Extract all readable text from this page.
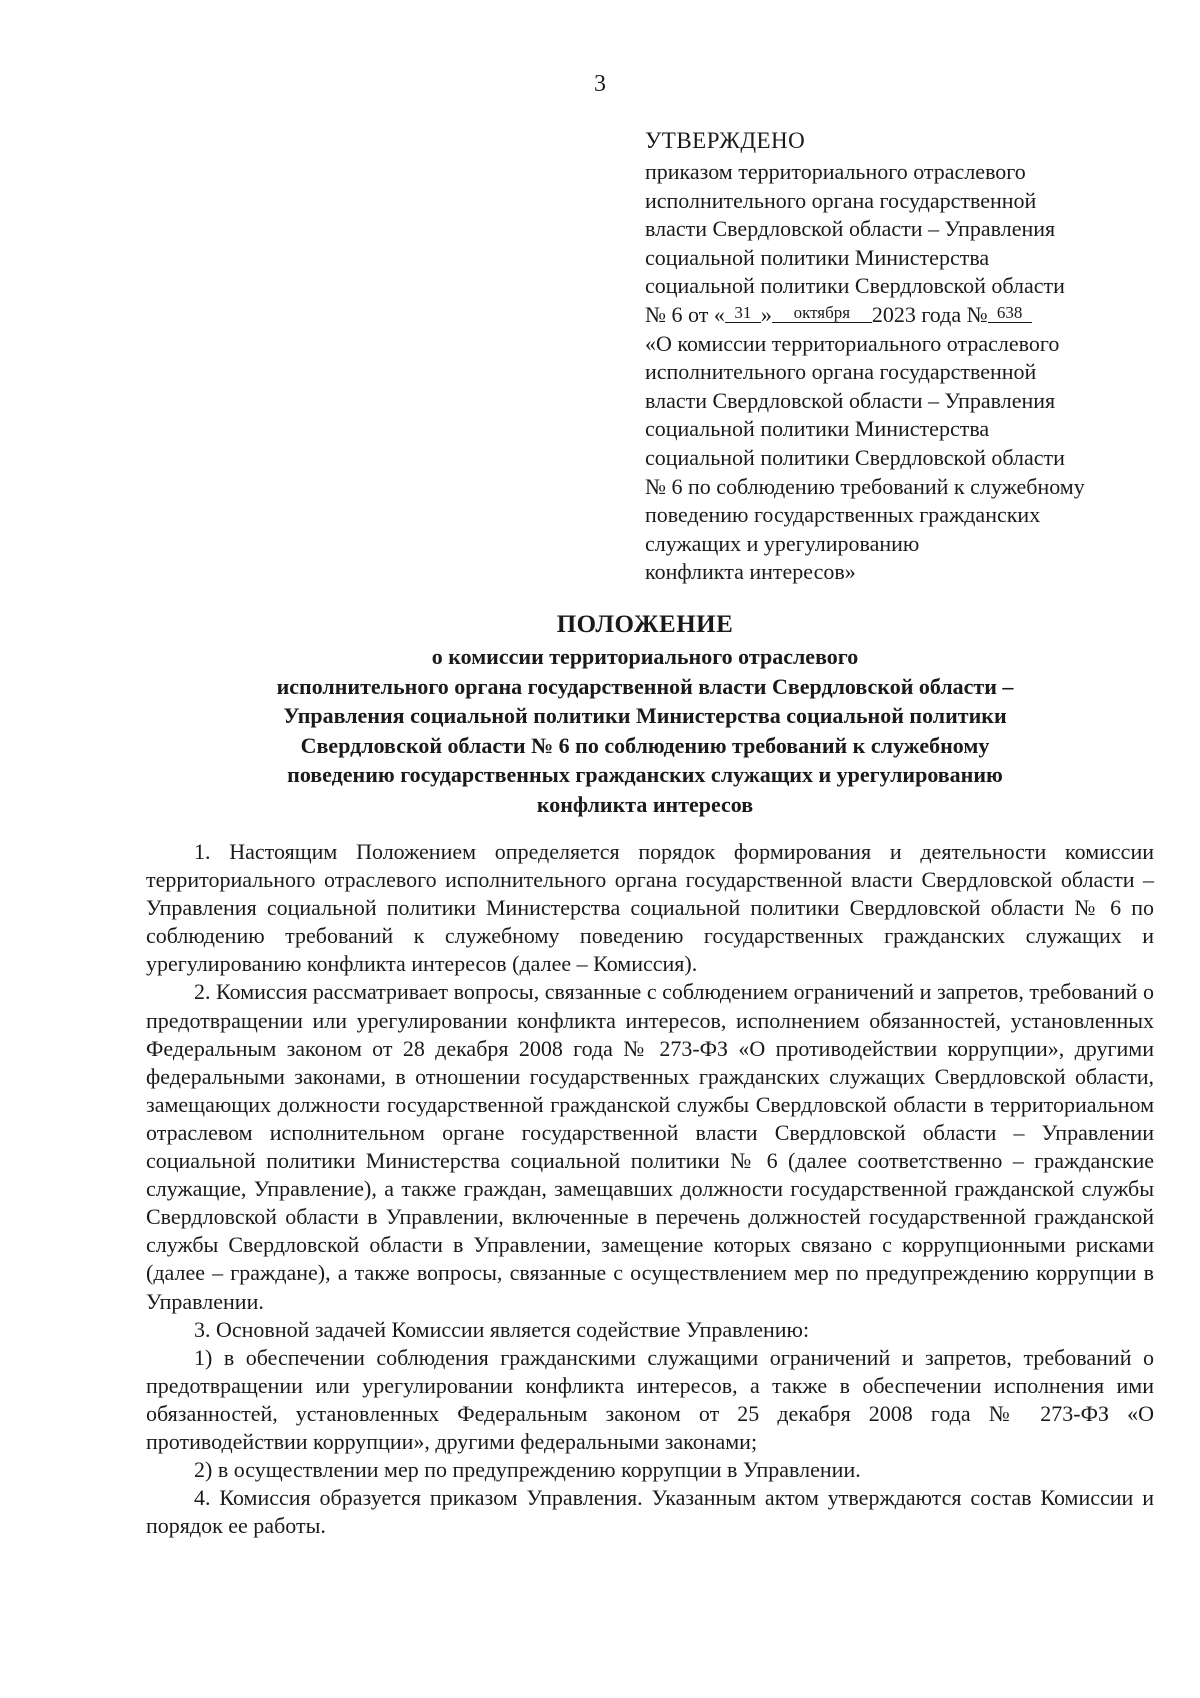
3
УТВЕРЖДЕНО
приказом территориального отраслевого
исполнительного органа государственной
власти Свердловской области – Управления
социальной политики Министерства
социальной политики Свердловской области
№ 6 от « 31 » октября 2023 года № 638
«О комиссии территориального отраслевого
исполнительного органа государственной
власти Свердловской области – Управления
социальной политики Министерства
социальной политики Свердловской области
№ 6 по соблюдению требований к служебному
поведению государственных гражданских
служащих и урегулированию
конфликта интересов»
ПОЛОЖЕНИЕ
о комиссии территориального отраслевого
исполнительного органа государственной власти Свердловской области –
Управления социальной политики Министерства социальной политики
Свердловской области № 6 по соблюдению требований к служебному
поведению государственных гражданских служащих и урегулированию
конфликта интересов

1. Настоящим Положением определяется порядок формирования и деятельности комиссии территориального отраслевого исполнительного органа государственной власти Свердловской области – Управления социальной политики Министерства социальной политики Свердловской области № 6 по соблюдению требований к служебному поведению государственных гражданских служащих и урегулированию конфликта интересов (далее – Комиссия).

2. Комиссия рассматривает вопросы, связанные с соблюдением ограничений и запретов, требований о предотвращении или урегулировании конфликта интересов, исполнением обязанностей, установленных Федеральным законом от 28 декабря 2008 года № 273-ФЗ «О противодействии коррупции», другими федеральными законами, в отношении государственных гражданских служащих Свердловской области, замещающих должности государственной гражданской службы Свердловской области в территориальном отраслевом исполнительном органе государственной власти Свердловской области – Управлении социальной политики Министерства социальной политики № 6 (далее соответственно – гражданские служащие, Управление), а также граждан, замещавших должности государственной гражданской службы Свердловской области в Управлении, включенные в перечень должностей государственной гражданской службы Свердловской области в Управлении, замещение которых связано с коррупционными рисками (далее – граждане), а также вопросы, связанные с осуществлением мер по предупреждению коррупции в Управлении.

3. Основной задачей Комиссии является содействие Управлению:

1) в обеспечении соблюдения гражданскими служащими ограничений и запретов, требований о предотвращении или урегулировании конфликта интересов, а также в обеспечении исполнения ими обязанностей, установленных Федеральным законом от 25 декабря 2008 года № 273-ФЗ «О противодействии коррупции», другими федеральными законами;

2) в осуществлении мер по предупреждению коррупции в Управлении.

4. Комиссия образуется приказом Управления. Указанным актом утверждаются состав Комиссии и порядок ее работы.
